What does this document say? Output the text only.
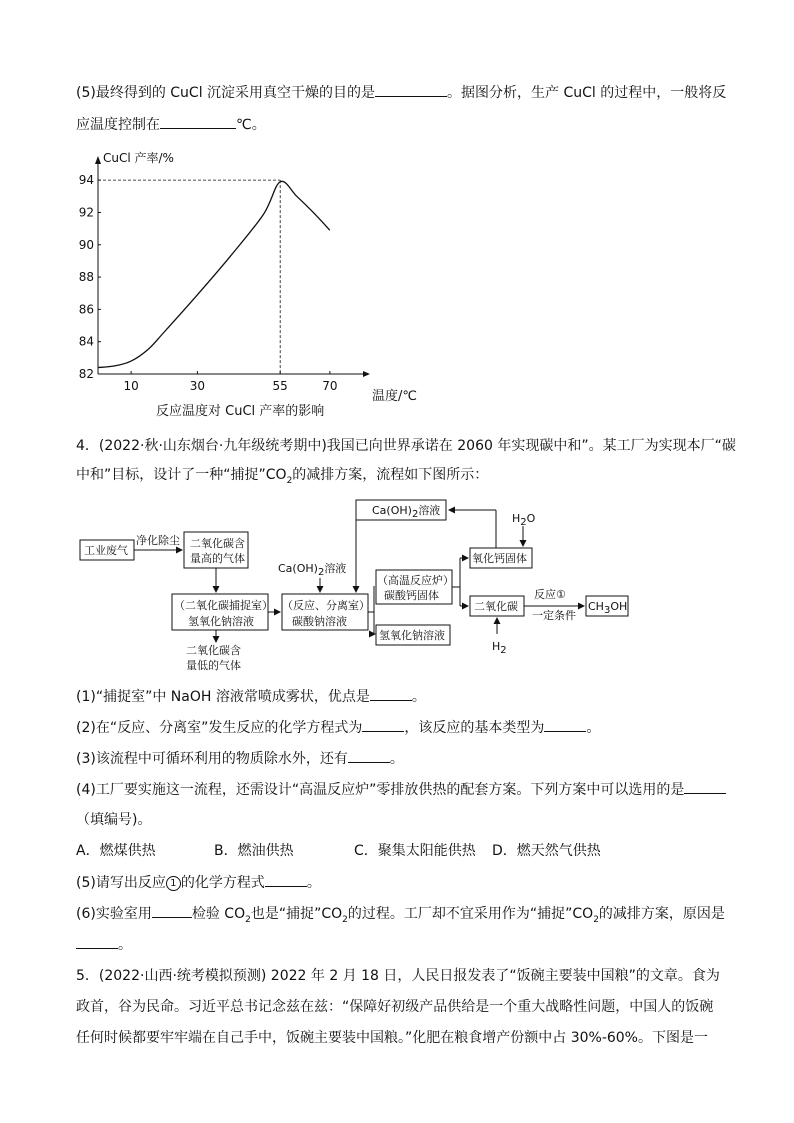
(5)最终得到的 CuCl 沉淀采用真空干燥的目的是	。据图分析，生产 CuCl 的过程中，一般将反
应温度控制在	℃。
CuCl 产率/%
82
84
86
88
90
92
94
10	30	55	70
温度/℃
反应温度对 CuCl 产率的影响
4．(2022·秋·山东烟台·九年级统考期中)我国已向世界承诺在 2060 年实现碳中和”。某工厂为实现本厂“碳
中和”目标，设计了一种“捕捉$”CO_2$的减排方案，流程如下图所示：
工业废气
净化除尘 二氧化碳含
量高的气体
（二氧化碳捕捉室）
氢氧化钠溶液
二氧化碳含
量低的气体
Ca(OH)2溶液
（反应、分离室）
碳酸钠溶液
氢氧化钠溶液
（高温反应炉）
碳酸钙固体
Ca(OH)2溶液
H2O
氧化钙固体
二氧化碳
反应①
一定条件
H2
CH3OH
(1)“捕捉室”中 NaOH 溶液常喷成雾状，优点是	。
(2)在“反应、分离室”发生反应的化学方程式为	，该反应的基本类型为	。
(3)该流程中可循环利用的物质除水外，还有	。
(4)工厂要实施这一流程，还需设计“高温反应炉”零排放供热的配套方案。下列方案中可以选用的是
（填编号)。
A．燃煤供热	B．燃油供热	C．聚集太阳能供热 D．燃天然气供热
(5)请写出反应 1 的化学方程式	。
(6)实验室用	检验 $CO_2$也是“捕捉$”CO_2$的过程。工厂却不宜采用作为“捕捉$”CO_2$的减排方案，原因是
。
5．(2022·山西·统考模拟预测) 2022 年 2 月 18 日，人民日报发表了“饭碗主要装中国粮”的文章。食为
政首，谷为民命。习近平总书记念兹在兹：“保障好初级产品供给是一个重大战略性问题，中国人的饭碗
任何时候都要牢牢端在自己手中，饭碗主要装中国粮。”化肥在粮食增产份额中占 30%-60%。下图是一
